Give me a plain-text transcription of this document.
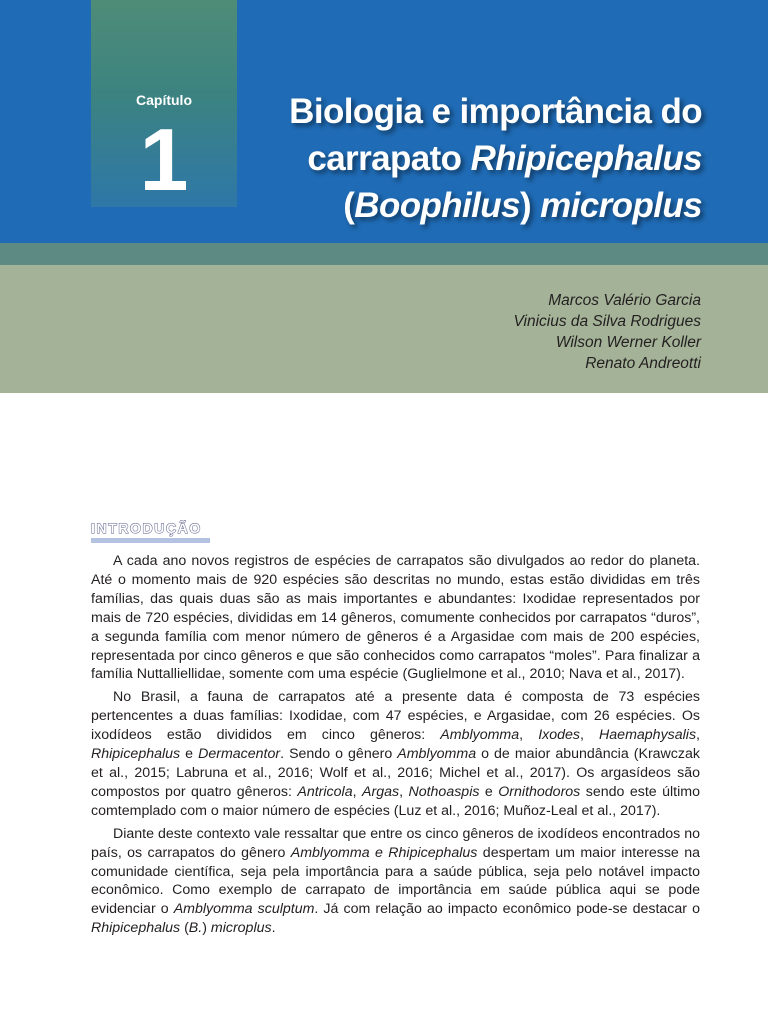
Capítulo
1	Biologia e importância do
carrapato Rhipicephalus
(Boophilus) microplus
Marcos Valério Garcia
Vinicius da Silva Rodrigues
Wilson Werner Koller
Renato Andreotti
INTRODUÇÃO

A cada ano novos registros de espécies de carrapatos são divulgados ao redor do planeta. Até o momento mais de 920 espécies são descritas no mundo, estas estão divididas em três famílias, das quais duas são as mais importantes e abundantes: Ixodidae representados por mais de 720 espécies, divididas em 14 gêneros, comumente conhecidos por carrapatos “duros”, a segunda família com menor número de gêneros é a Argasidae com mais de 200 espécies, representada por cinco gêneros e que são conhecidos como carrapatos “moles”. Para finalizar a família Nuttalliellidae, somente com uma espécie (Guglielmone et al., 2010; Nava et al., 2017).

No Brasil, a fauna de carrapatos até a presente data é composta de 73 espécies pertencentes a duas famílias: Ixodidae, com 47 espécies, e Argasidae, com 26 espécies. Os ixodídeos estão divididos em cinco gêneros: Amblyomma, Ixodes, Haemaphysalis, Rhipicephalus e Dermacentor. Sendo o gênero Amblyomma o de maior abundância (Krawczak et al., 2015; Labruna et al., 2016; Wolf et al., 2016; Michel et al., 2017). Os argasídeos são compostos por quatro gêneros: Antricola, Argas, Nothoaspis e Ornithodoros sendo este último comtemplado com o maior número de espécies (Luz et al., 2016; Muñoz-Leal et al., 2017).

Diante deste contexto vale ressaltar que entre os cinco gêneros de ixodídeos encontrados no país, os carrapatos do gênero Amblyomma e Rhipicephalus despertam um maior interesse na comunidade científica, seja pela importância para a saúde pública, seja pelo notável impacto econômico. Como exemplo de carrapato de importância em saúde pública aqui se pode evidenciar o Amblyomma sculptum. Já com relação ao impacto econômico pode-se destacar o Rhipicephalus (B.) microplus.
